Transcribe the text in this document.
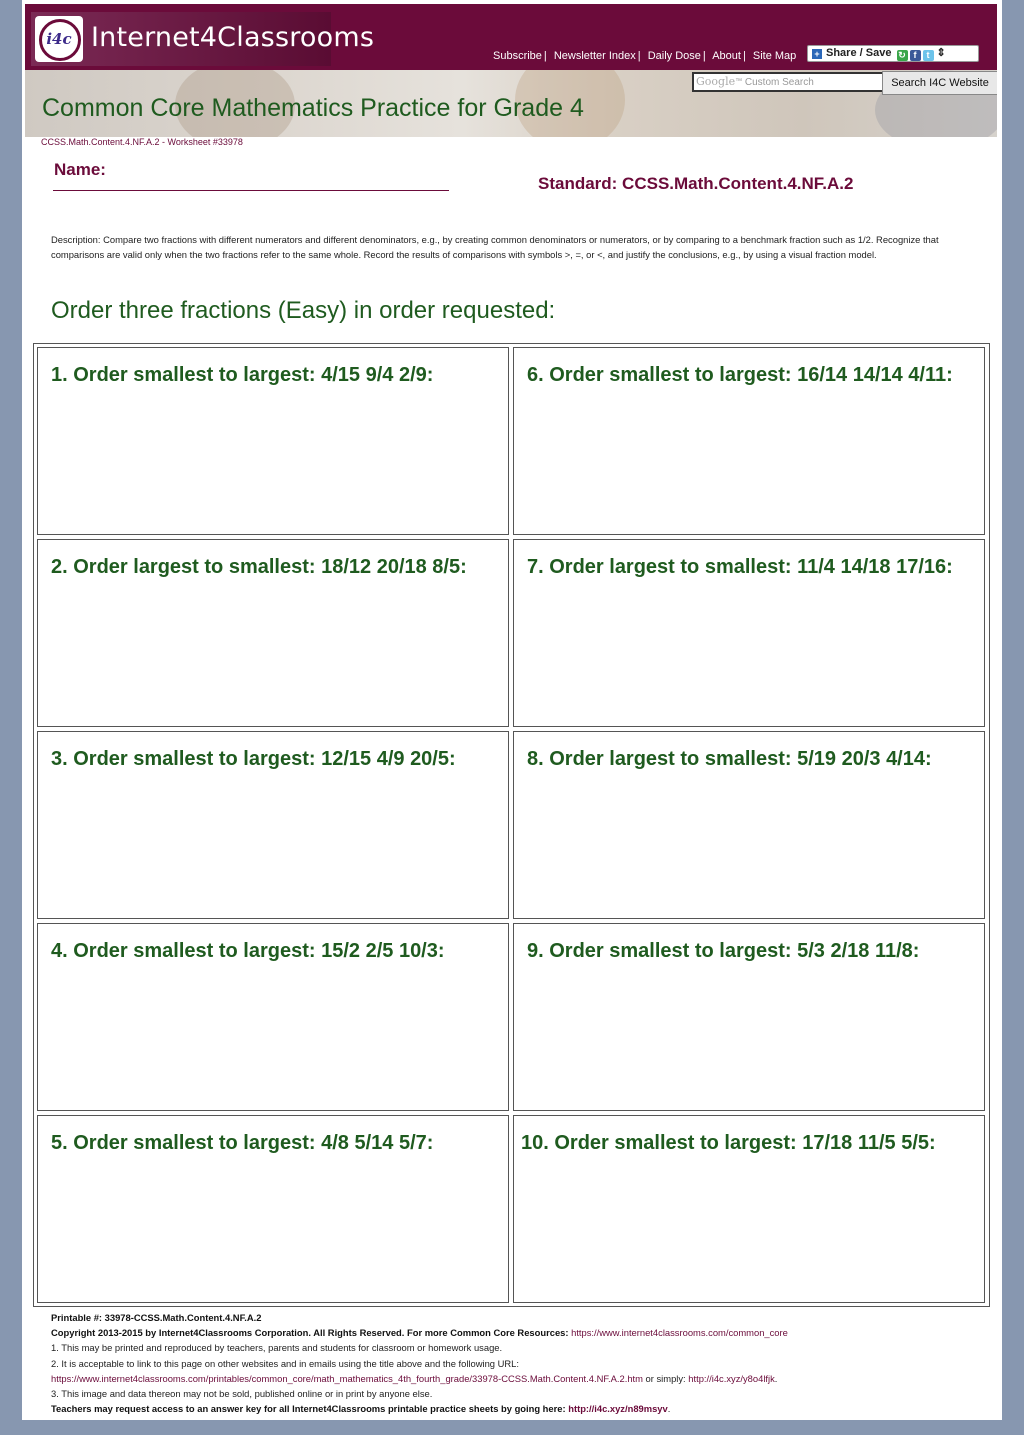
i4c Internet4Classrooms
Subscribe | Newsletter Index | Daily Dose | About | Site Map	+ Share / Save ↻ f t ⇕
Google™ Custom Search	Search I4C Website
Common Core Mathematics Practice for Grade 4
CCSS.Math.Content.4.NF.A.2 - Worksheet #33978
Name:
Standard: CCSS.Math.Content.4.NF.A.2
Description: Compare two fractions with different numerators and different denominators, e.g., by creating common denominators or numerators, or by comparing to a benchmark fraction such as 1/2. Recognize that comparisons are valid only when the two fractions refer to the same whole. Record the results of comparisons with symbols >, =, or <, and justify the conclusions, e.g., by using a visual fraction model.
Order three fractions (Easy) in order requested:
1. Order smallest to largest: 4/15 9/4 2/9:	6. Order smallest to largest: 16/14 14/14 4/11:
2. Order largest to smallest: 18/12 20/18 8/5:	7. Order largest to smallest: 11/4 14/18 17/16:
3. Order smallest to largest: 12/15 4/9 20/5:	8. Order largest to smallest: 5/19 20/3 4/14:
4. Order smallest to largest: 15/2 2/5 10/3:	9. Order smallest to largest: 5/3 2/18 11/8:
5. Order smallest to largest: 4/8 5/14 5/7:	10. Order smallest to largest: 17/18 11/5 5/5:
Printable #: 33978-CCSS.Math.Content.4.NF.A.2
Copyright 2013-2015 by Internet4Classrooms Corporation. All Rights Reserved. For more Common Core Resources: https://www.internet4classrooms.com/common_core
1. This may be printed and reproduced by teachers, parents and students for classroom or homework usage.
2. It is acceptable to link to this page on other websites and in emails using the title above and the following URL:
https://www.internet4classrooms.com/printables/common_core/math_mathematics_4th_fourth_grade/33978-CCSS.Math.Content.4.NF.A.2.htm or simply: http://i4c.xyz/y8o4lfjk.
3. This image and data thereon may not be sold, published online or in print by anyone else.
Teachers may request access to an answer key for all Internet4Classrooms printable practice sheets by going here: http://i4c.xyz/n89msyv.
